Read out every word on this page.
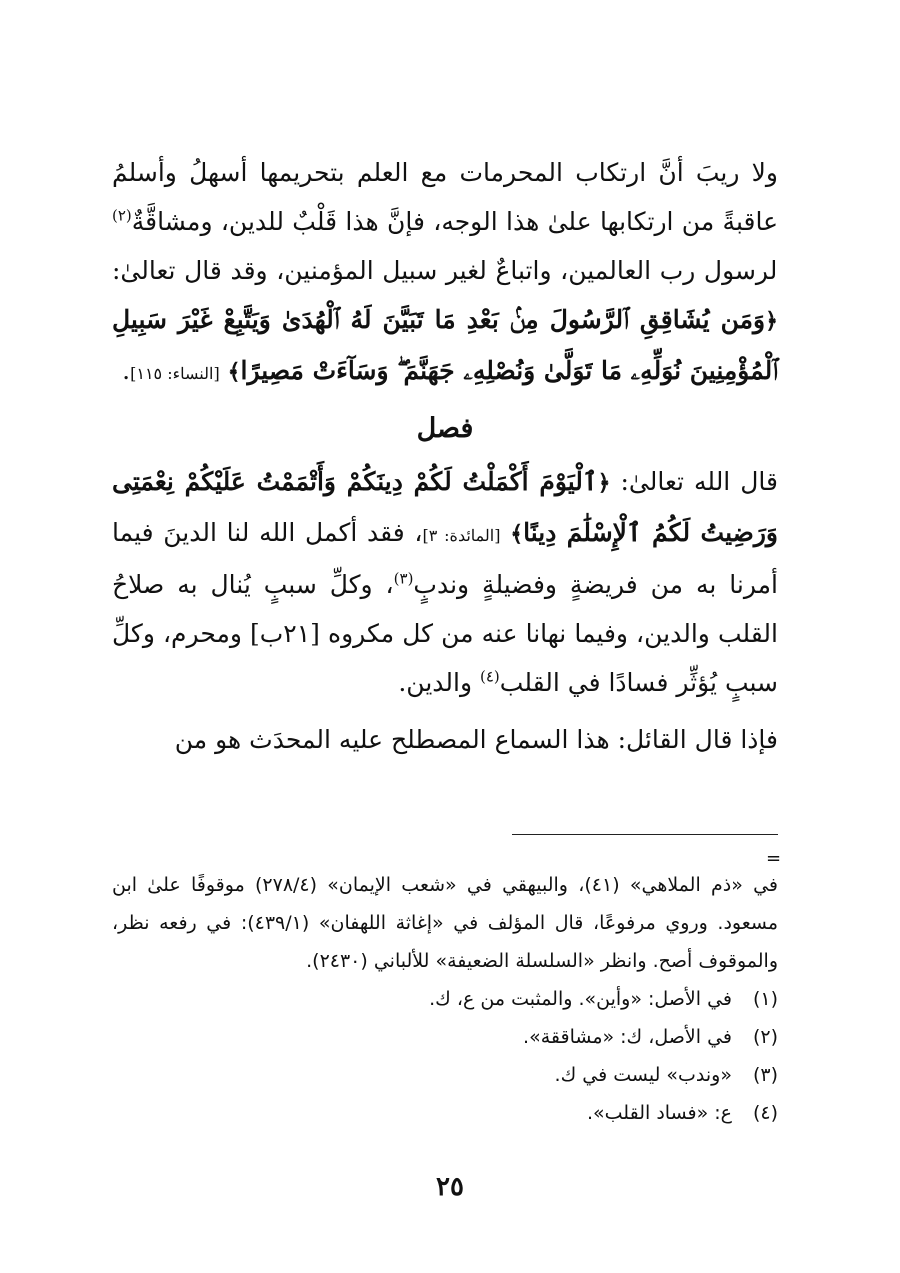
ولا ريبَ أنَّ ارتكاب المحرمات مع العلم بتحريمها أسهلُ وأسلمُ عاقبةً من ارتكابها علىٰ هذا الوجه، فإنَّ هذا قَلْبٌ للدين، ومشاقَّةٌ$^{(٢)}$ لرسول رب العالمين، واتباعٌ لغير سبيل المؤمنين، وقد قال تعالىٰ: ﴿وَمَن يُشَاقِقِ ٱلرَّسُولَ مِنۢ بَعْدِ مَا تَبَيَّنَ لَهُ ٱلْهُدَىٰ وَيَتَّبِعْ غَيْرَ سَبِيلِ ٱلْمُؤْمِنِينَ نُوَلِّهِۦ مَا تَوَلَّىٰ وَنُصْلِهِۦ جَهَنَّمَ ۖ وَسَآءَتْ مَصِيرًا﴾ [النساء: ١١٥].

فصل

قال الله تعالىٰ: ﴿ٱلْيَوْمَ أَكْمَلْتُ لَكُمْ دِينَكُمْ وَأَتْمَمْتُ عَلَيْكُمْ نِعْمَتِى وَرَضِيتُ لَكُمُ ٱلْإِسْلَٰمَ دِينًا﴾ [المائدة: ٣]، فقد أكمل الله لنا الدينَ فيما أمرنا به من فريضةٍ وفضيلةٍ وندبٍ$^{(٣)}$، وكلِّ سببٍ يُنال به صلاحُ القلب والدين، وفيما نهانا عنه من كل مكروه [٢١ب] ومحرم، وكلِّ سببٍ يُؤثِّر فسادًا في القلب$^{(٤)}$ والدين.

فإذا قال القائل: هذا السماع المصطلح عليه المحدَث هو من

=

في «ذم الملاهي» (٤١)، والبيهقي في «شعب الإيمان» (٢٧٨/٤) موقوفًا علىٰ ابن مسعود. وروي مرفوعًا، قال المؤلف في «إغاثة اللهفان» (٤٣٩/١): في رفعه نظر، والموقوف أصح. وانظر «السلسلة الضعيفة» للألباني (٢٤٣٠).

(١)
في الأصل: «وأين». والمثبت من ع، ك.
(٢)
في الأصل، ك: «مشاققة».
(٣)
«وندب» ليست في ك.
(٤)
ع: «فساد القلب».
٢٥
